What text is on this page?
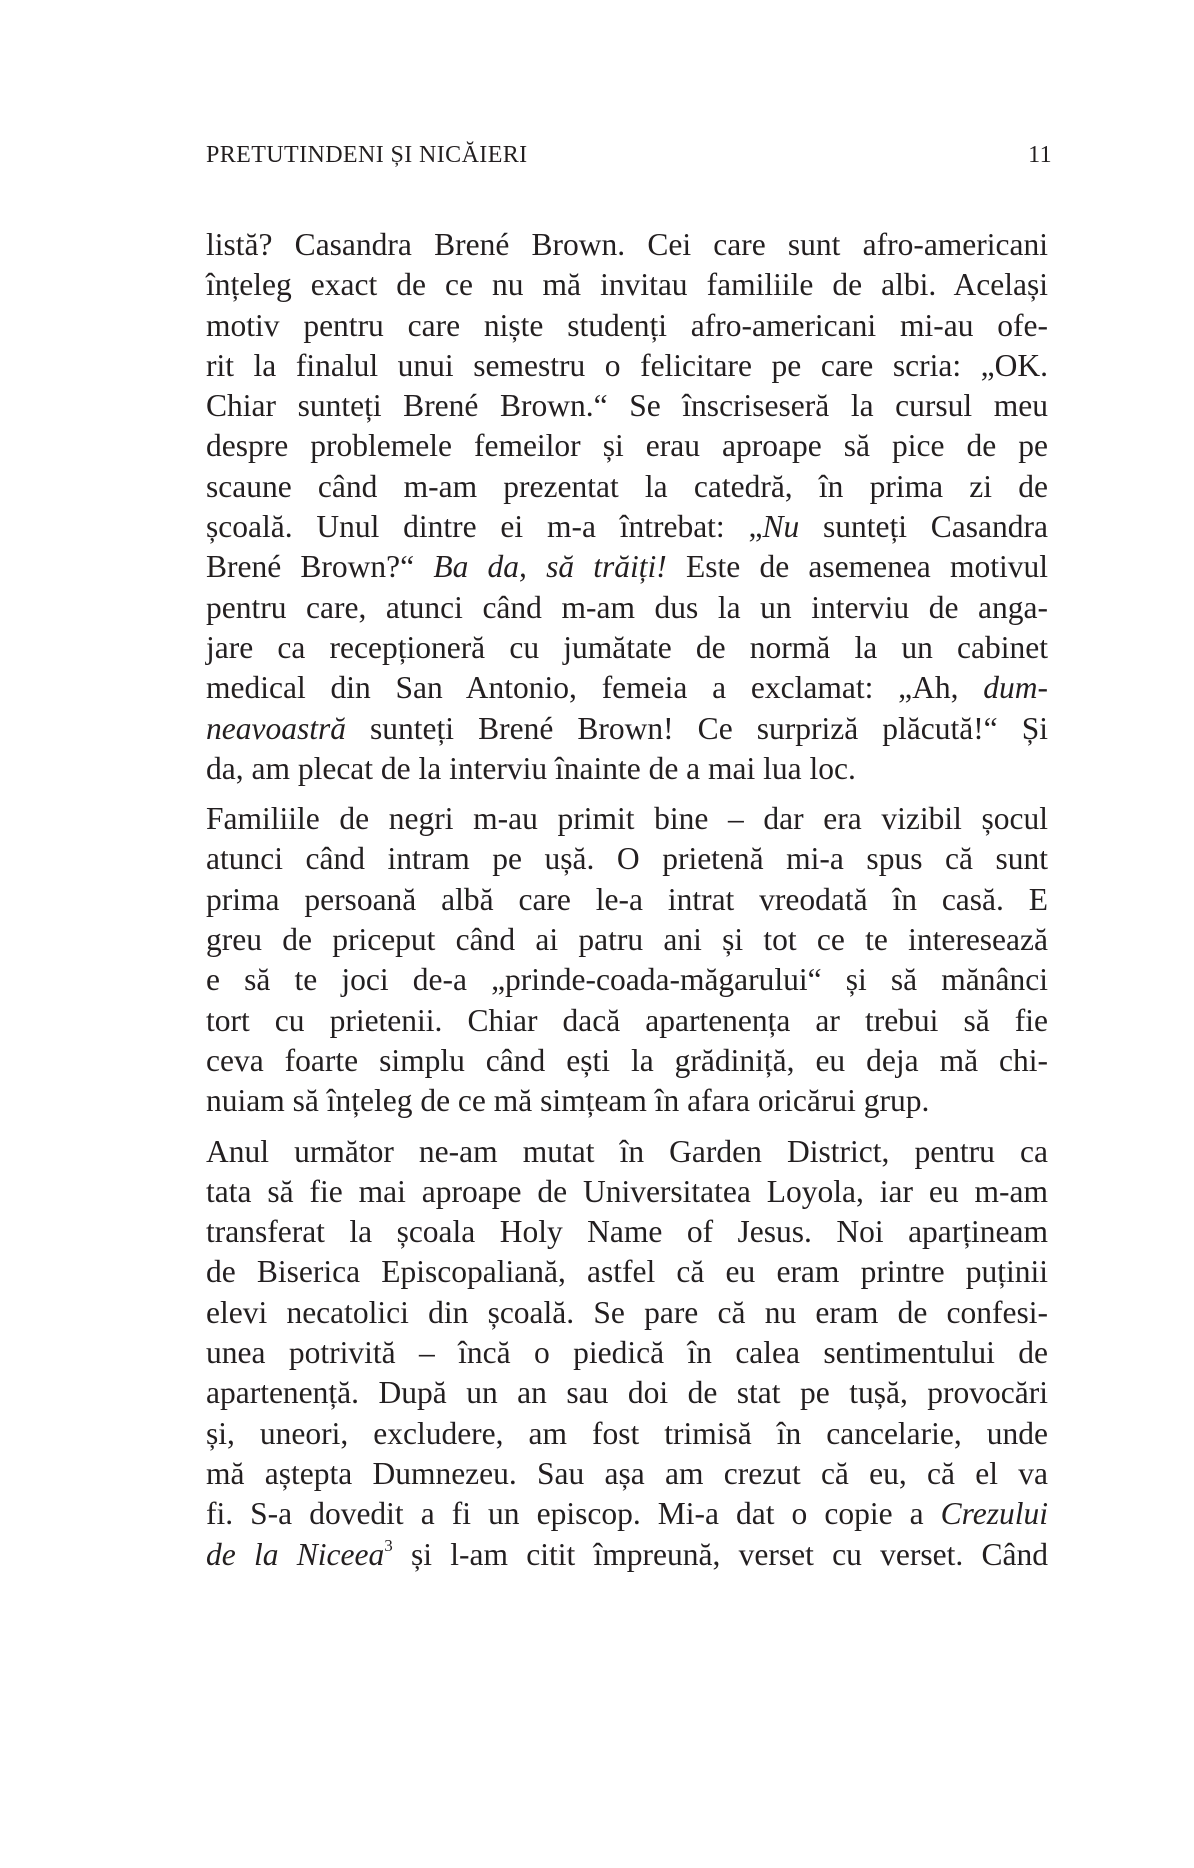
PRETUTINDENI ȘI NICĂIERI	11
listă? Casandra Brené Brown. Cei care sunt afro-americani
înțeleg exact de ce nu mă invitau familiile de albi. Același
motiv pentru care niște studenți afro-americani mi-au ofe-
rit la finalul unui semestru o felicitare pe care scria: „OK.
Chiar sunteți Brené Brown.“ Se înscriseseră la cursul meu
despre problemele femeilor și erau aproape să pice de pe
scaune când m-am prezentat la catedră, în prima zi de
școală. Unul dintre ei m-a întrebat: „Nu sunteți Casandra
Brené Brown?“ Ba da, să trăiți! Este de asemenea motivul
pentru care, atunci când m-am dus la un interviu de anga-
jare ca recepționeră cu jumătate de normă la un cabinet
medical din San Antonio, femeia a exclamat: „Ah, dum-
neavoastră sunteți Brené Brown! Ce surpriză plăcută!“ Și
da, am plecat de la interviu înainte de a mai lua loc.
Familiile de negri m-au primit bine – dar era vizibil șocul
atunci când intram pe ușă. O prietenă mi-a spus că sunt
prima persoană albă care le-a intrat vreodată în casă. E
greu de priceput când ai patru ani și tot ce te interesează
e să te joci de-a „prinde-coada-măgarului“ și să mănânci
tort cu prietenii. Chiar dacă apartenența ar trebui să fie
ceva foarte simplu când ești la grădiniță, eu deja mă chi-
nuiam să înțeleg de ce mă simțeam în afara oricărui grup.
Anul următor ne-am mutat în Garden District, pentru ca
tata să fie mai aproape de Universitatea Loyola, iar eu m-am
transferat la școala Holy Name of Jesus. Noi aparțineam
de Biserica Episcopaliană, astfel că eu eram printre puținii
elevi necatolici din școală. Se pare că nu eram de confesi-
unea potrivită – încă o piedică în calea sentimentului de
apartenență. După un an sau doi de stat pe tușă, provocări
și, uneori, excludere, am fost trimisă în cancelarie, unde
mă aștepta Dumnezeu. Sau așa am crezut că eu, că el va
fi. S-a dovedit a fi un episcop. Mi-a dat o copie a Crezului
de la Niceea$^3$ și l-am citit împreună, verset cu verset. Când
